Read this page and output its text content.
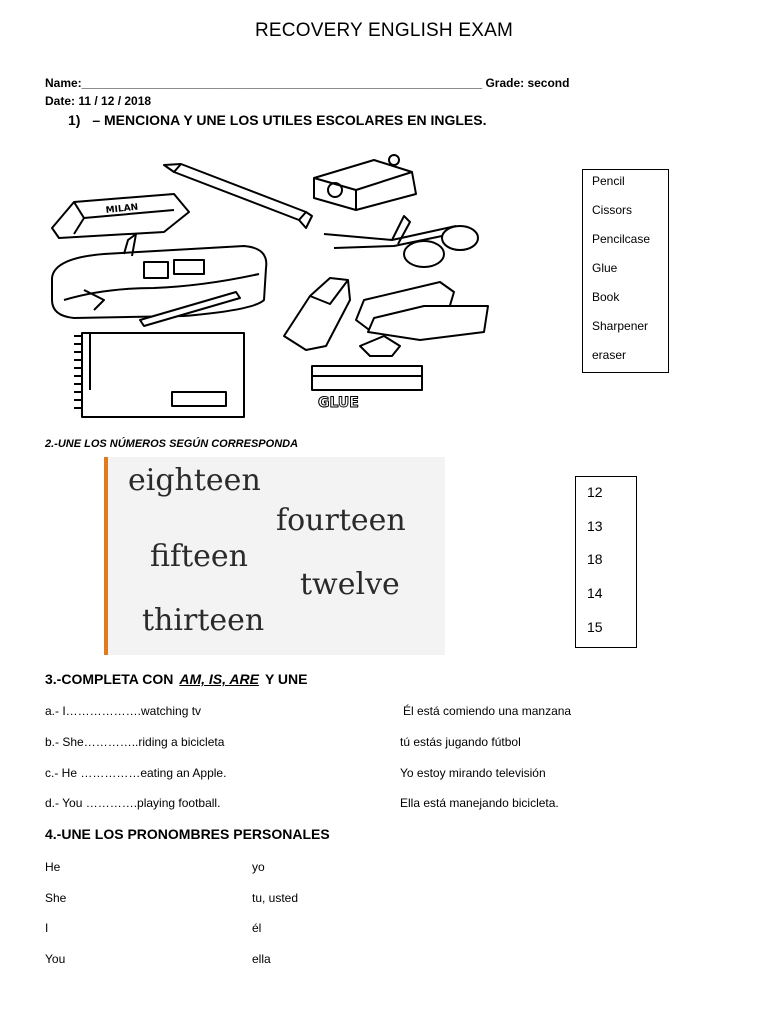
RECOVERY ENGLISH EXAM
Name:____________________________________________________________ Grade: second
Date: 11 / 12 / 2018
1) – MENCIONA Y UNE LOS UTILES ESCOLARES EN INGLES.
MILAN
GLUE
Pencil
Cissors
Pencilcase
Glue
Book
Sharpener
eraser
2.-UNE LOS NÚMEROS SEGÚN CORRESPONDA
eighteen
fourteen
fifteen
twelve
thirteen
12
13
18
14
15
3.-COMPLETA CON AM, IS, ARE Y UNE
a.- I……………….watching tv
b.- She…………..riding a bicicleta
c.- He ……………eating an Apple.
d.- You ………….playing football.
Él está comiendo una manzana
tú estás jugando fútbol
Yo estoy mirando televisión
Ella está manejando bicicleta.
4.-UNE LOS PRONOMBRES PERSONALES
He
She
I
You
yo
tu, usted
él
ella
